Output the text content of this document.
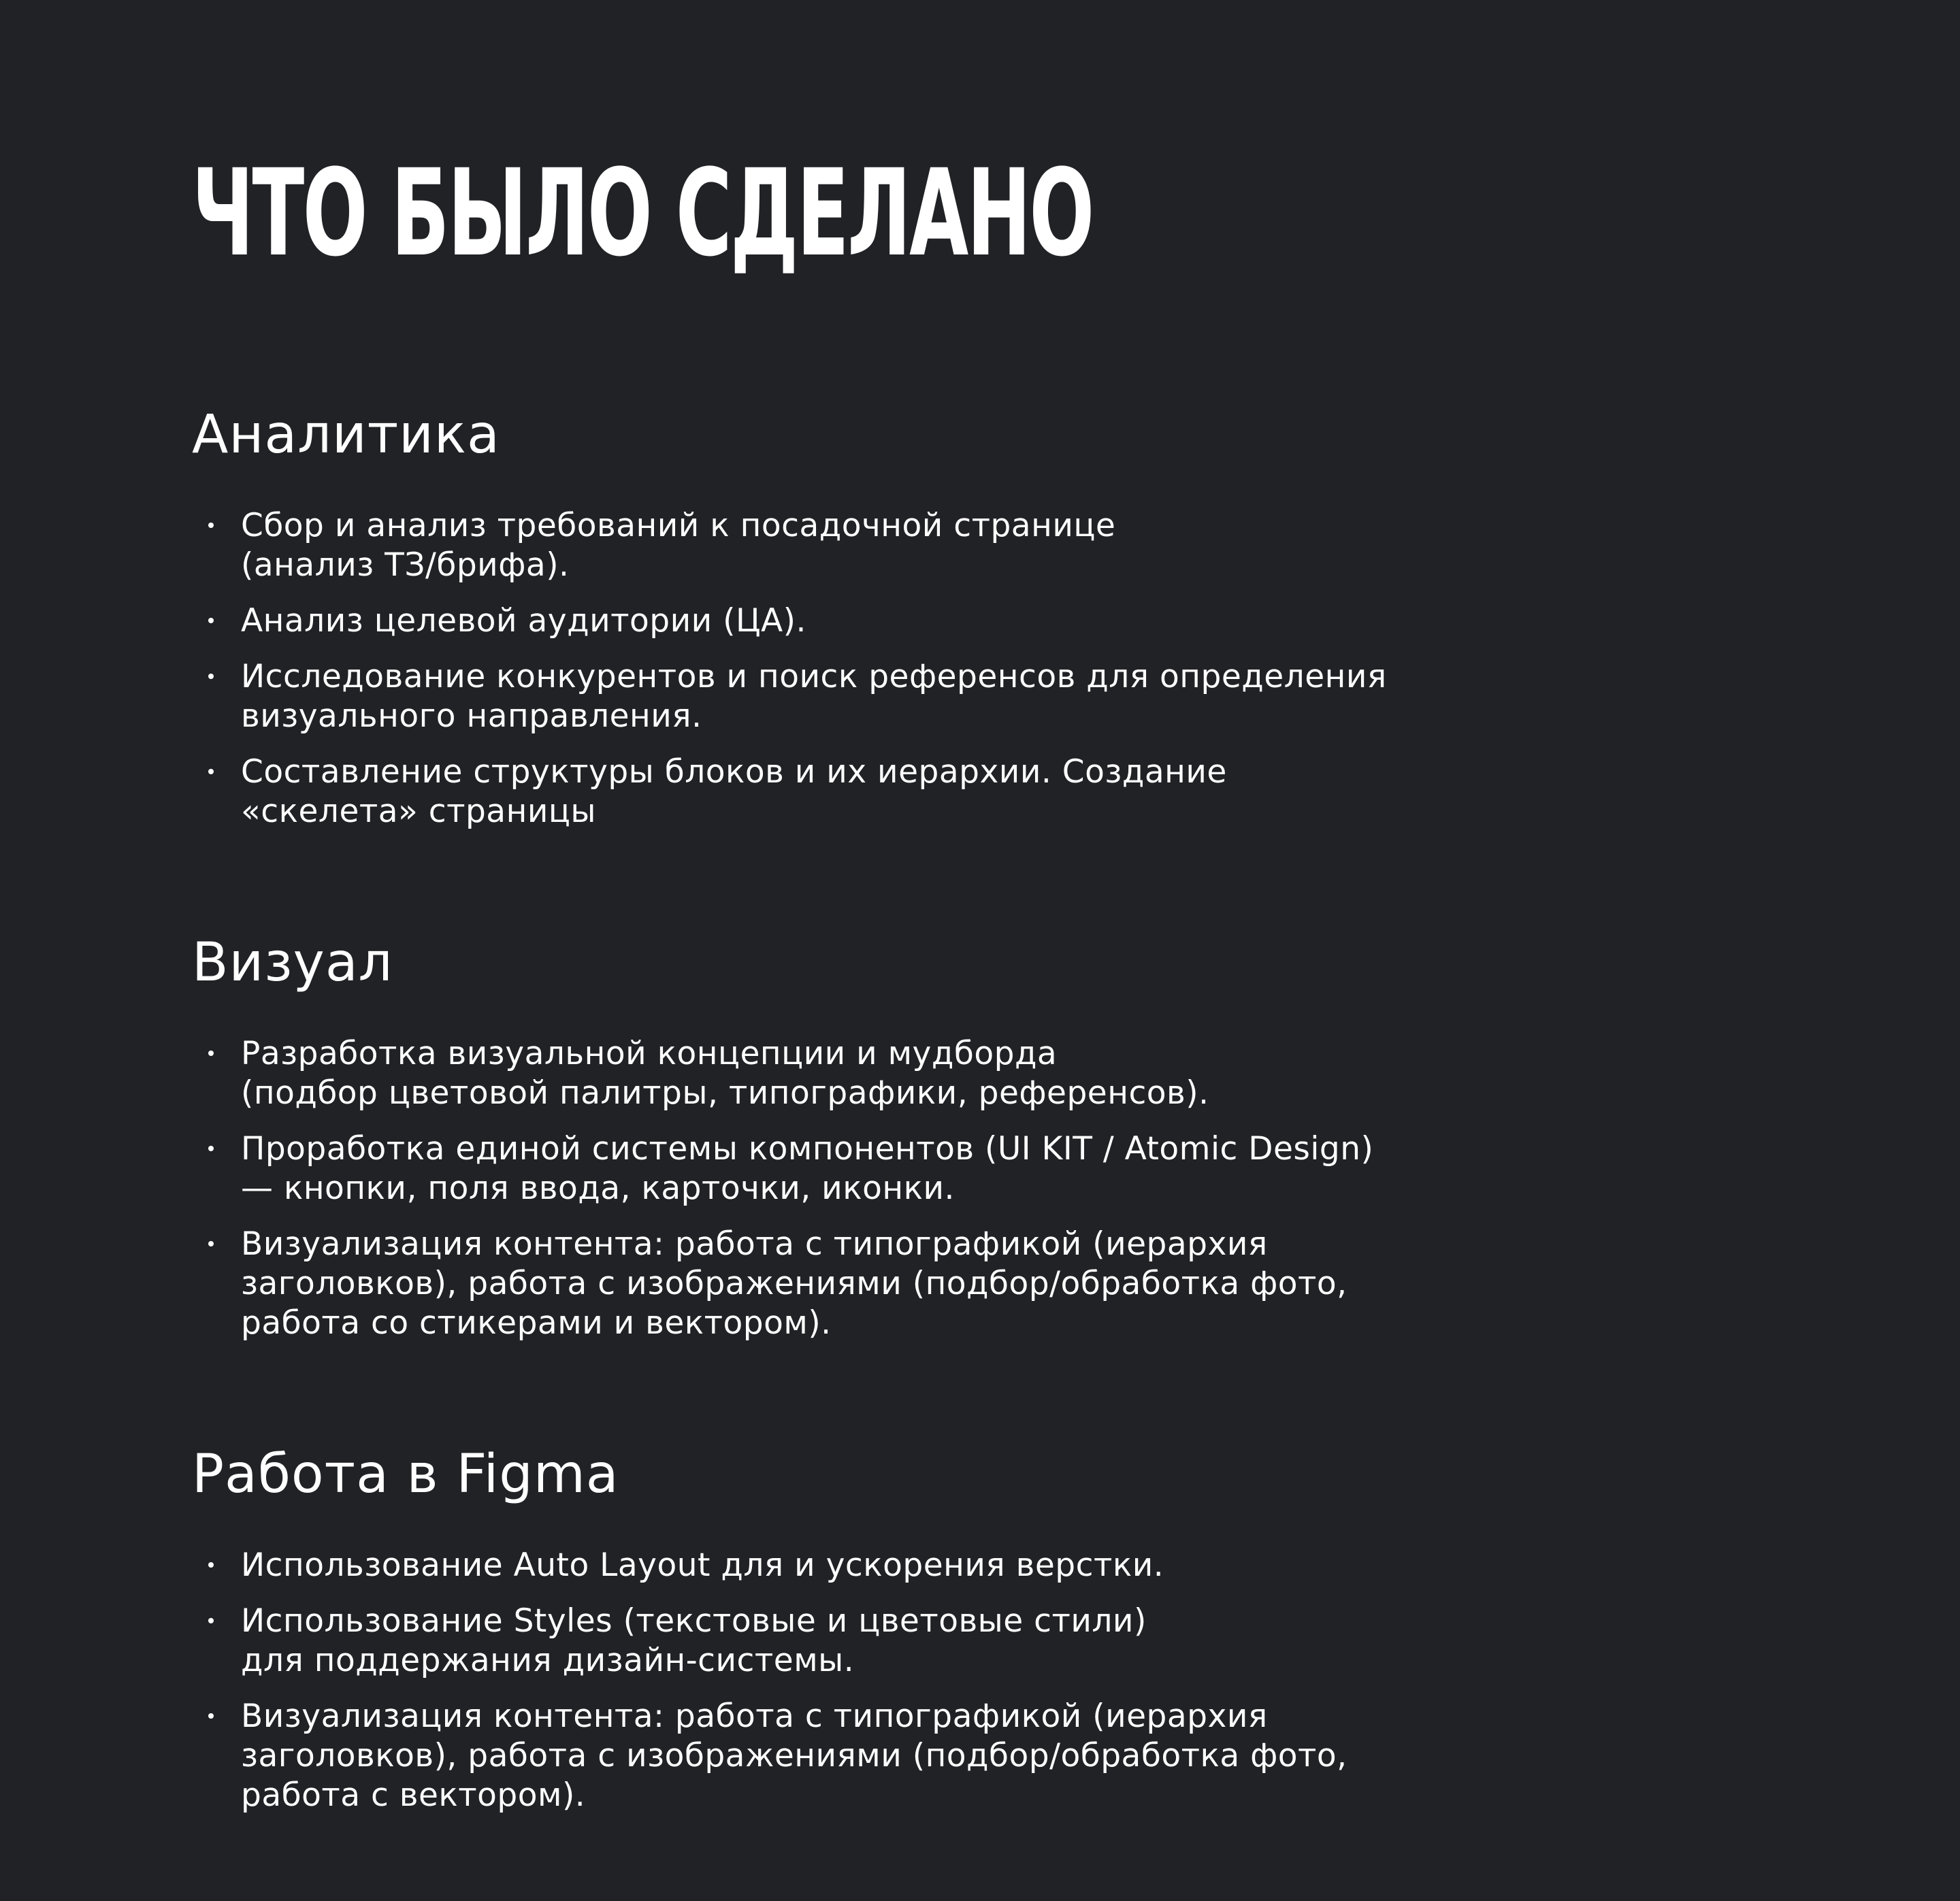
ЧТО БЫЛО СДЕЛАНО
Аналитика
Сбор и анализ требований к посадочной странице
(анализ ТЗ/брифа).
Анализ целевой аудитории (ЦА).
Исследование конкурентов и поиск референсов для определения
визуального направления.
Составление структуры блоков и их иерархии. Создание
«скелета» страницы
Визуал
Разработка визуальной концепции и мудборда
(подбор цветовой палитры, типографики, референсов).
Проработка единой системы компонентов (UI KIT / Atomic Design)
— кнопки, поля ввода, карточки, иконки.
Визуализация контента: работа с типографикой (иерархия
заголовков), работа с изображениями (подбор/обработка фото,
работа со стикерами и вектором).
Работа в Figma
Использование Auto Layout для и ускорения верстки.
Использование Styles (текстовые и цветовые стили)
для поддержания дизайн-системы.
Визуализация контента: работа с типографикой (иерархия
заголовков), работа с изображениями (подбор/обработка фото,
работа с вектором).
